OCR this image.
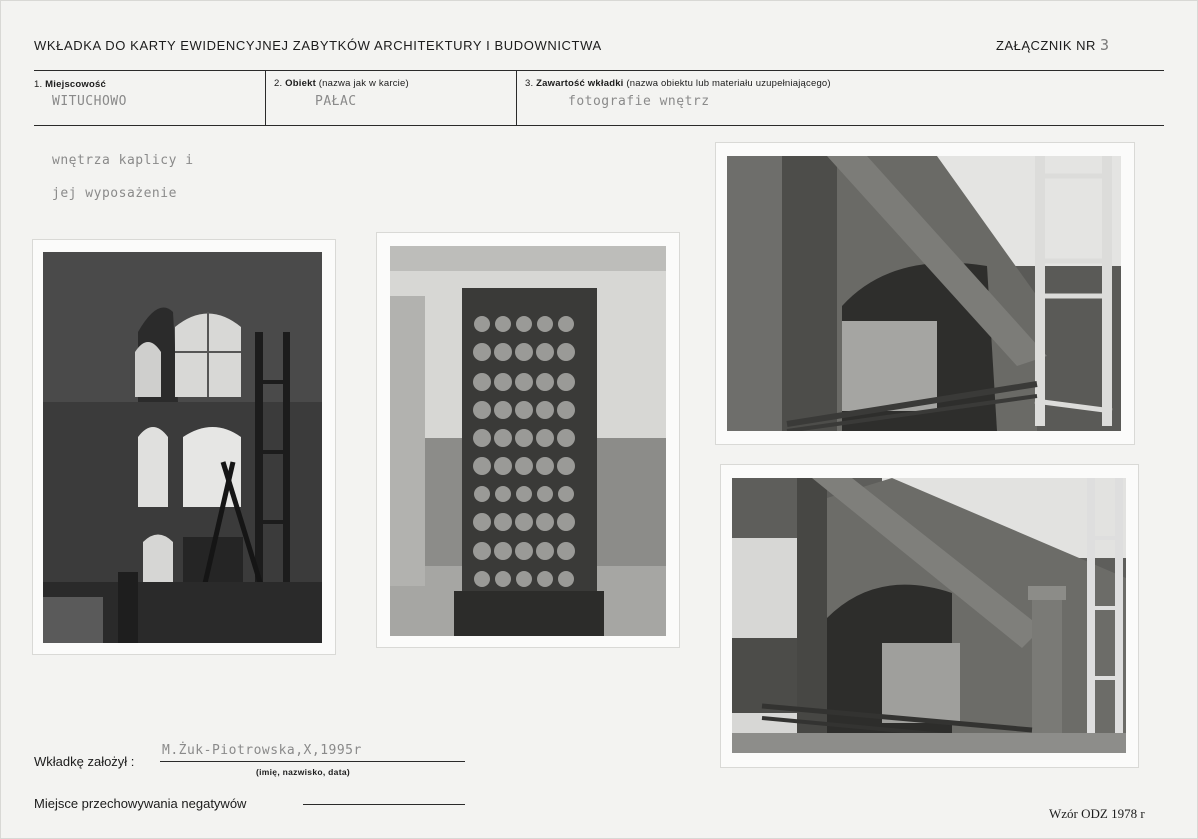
WKŁADKA DO KARTY EWIDENCYJNEJ ZABYTKÓW ARCHITEKTURY I BUDOWNICTWA	ZAŁĄCZNIK NR 3
1. Miejscowość
WITUCHOWO
2. Obiekt (nazwa jak w karcie)
PAŁAC
3. Zawartość wkładki (nazwa obiektu lub materiału uzupełniającego)
fotografie wnętrz
wnętrza kaplicy i
jej wyposażenie
Wkładkę założył :
M.Żuk-Piotrowska,X,1995r
(imię, nazwisko, data)
Miejsce przechowywania negatywów
Wzór ODZ 1978 r
